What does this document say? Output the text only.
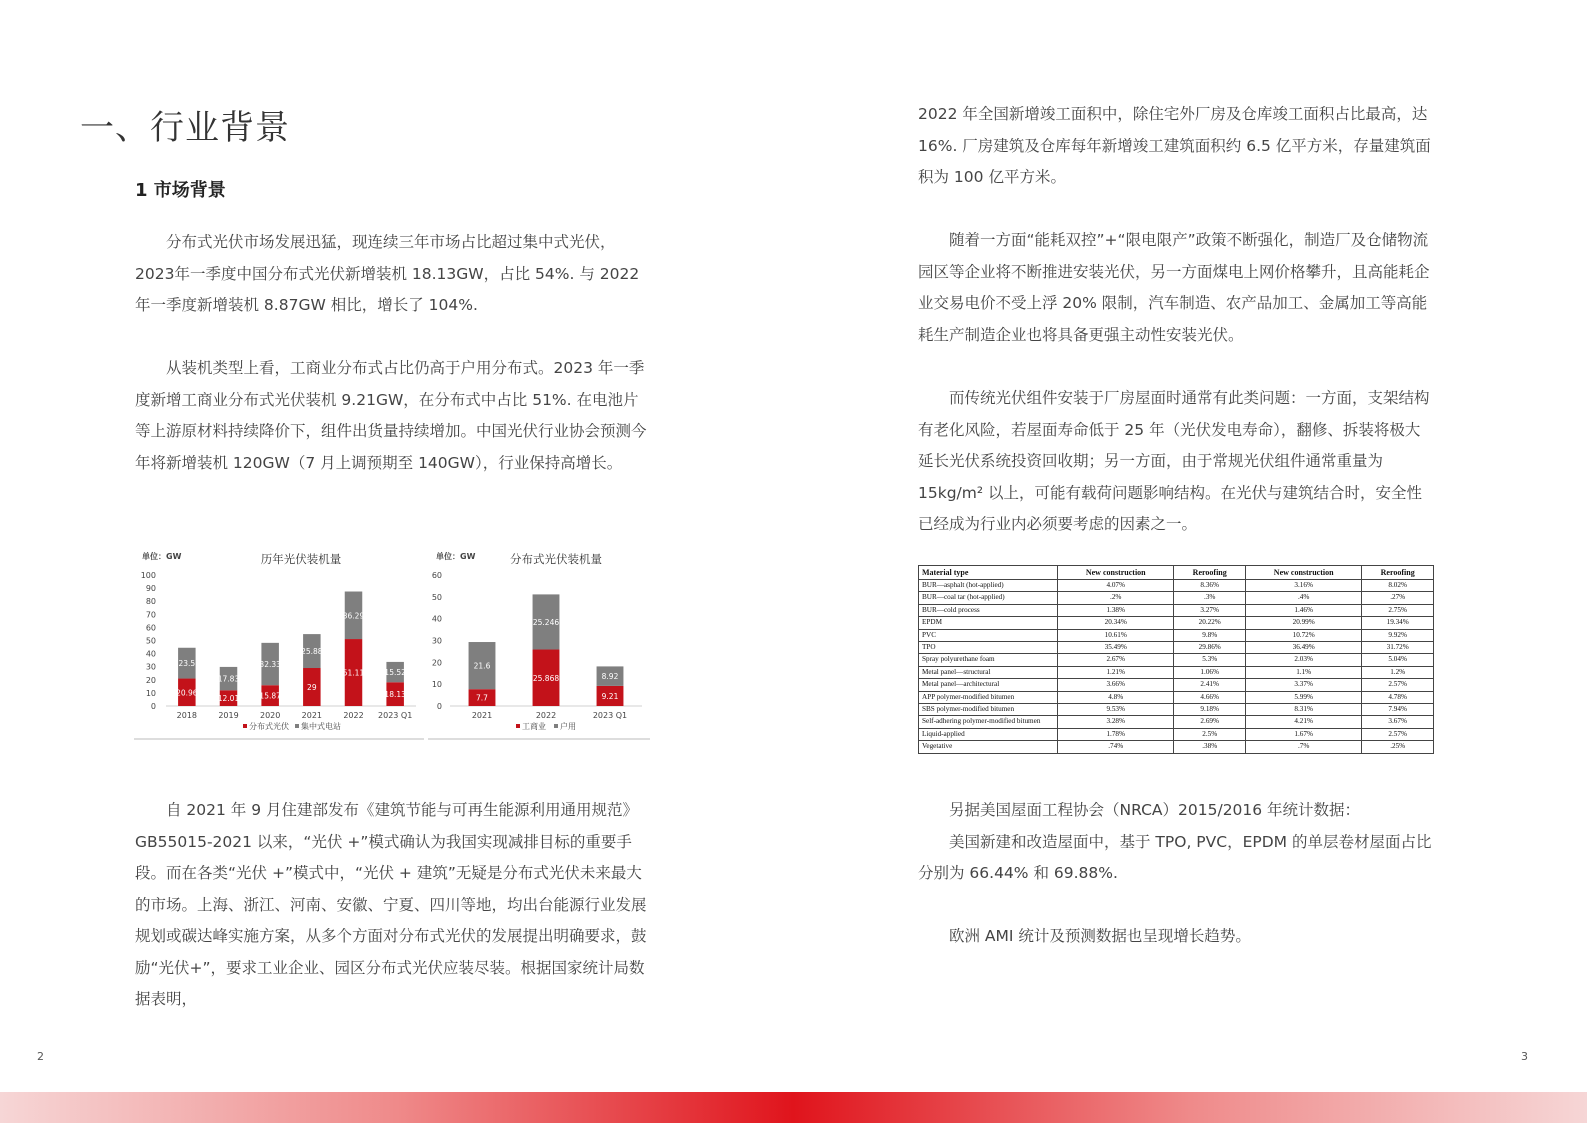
一、行业背景
1 市场背景

分布式光伏市场发展迅猛，现连续三年市场占比超过集中式光伏，2023年一季度中国分布式光伏新增装机 18.13GW，占比 54%. 与 2022年一季度新增装机 8.87GW 相比，增长了 104%.

从装机类型上看，工商业分布式占比仍高于户用分布式。2023 年一季度新增工商业分布式光伏装机 9.21GW，在分布式中占比 51%. 在电池片等上游原材料持续降价下，组件出货量持续增加。中国光伏行业协会预测今年将新增装机 120GW（7 月上调预期至 140GW），行业保持高增长。

单位：GW	历年光伏装机量
0
10
20
30
40
50
60
70
80
90
100
20.96
23.5
2018
12.01
17.83
2019
15.87
32.33
2020
29
25.88
2021
51.11
36.29
2022
18.13
15.52
2023 Q1
分布式光伏 集中式电站
单位：GW	分布式光伏装机量
0
10
20
30
40
50
60
7.7
21.6
2021
25.868
25.246
2022
9.21
8.92
2023 Q1
工商业 户用

自 2021 年 9 月住建部发布《建筑节能与可再生能源利用通用规范》GB55015-2021 以来，“光伏 +”模式确认为我国实现减排目标的重要手段。而在各类“光伏 +”模式中，“光伏 + 建筑”无疑是分布式光伏未来最大的市场。上海、浙江、河南、安徽、宁夏、四川等地，均出台能源行业发展规划或碳达峰实施方案，从多个方面对分布式光伏的发展提出明确要求，鼓励“光伏+”，要求工业企业、园区分布式光伏应装尽装。根据国家统计局数据表明，

2

2022 年全国新增竣工面积中，除住宅外厂房及仓库竣工面积占比最高，达 16%. 厂房建筑及仓库每年新增竣工建筑面积约 6.5 亿平方米，存量建筑面积为 100 亿平方米。

随着一方面“能耗双控”+“限电限产”政策不断强化，制造厂及仓储物流园区等企业将不断推进安装光伏，另一方面煤电上网价格攀升，且高能耗企业交易电价不受上浮 20% 限制，汽车制造、农产品加工、金属加工等高能耗生产制造企业也将具备更强主动性安装光伏。

而传统光伏组件安装于厂房屋面时通常有此类问题：一方面，支架结构有老化风险，若屋面寿命低于 25 年（光伏发电寿命），翻修、拆装将极大延长光伏系统投资回收期；另一方面，由于常规光伏组件通常重量为15kg/m² 以上，可能有载荷问题影响结构。在光伏与建筑结合时，安全性已经成为行业内必须要考虑的因素之一。

Material type	New construction	Reroofing	New construction	Reroofing
BUR—asphalt (hot-applied)	4.07%	8.36%	3.16%	8.02%
BUR—coal tar (hot-applied)	.2%	.3%	.4%	.27%
BUR—cold process	1.38%	3.27%	1.46%	2.75%
EPDM	20.34%	20.22%	20.99%	19.34%
PVC	10.61%	9.8%	10.72%	9.92%
TPO	35.49%	29.86%	36.49%	31.72%
Spray polyurethane foam	2.67%	5.3%	2.03%	5.04%
Metal panel—structural	1.21%	1.06%	1.1%	1.2%
Metal panel—architectural	3.66%	2.41%	3.37%	2.57%
APP polymer-modified bitumen	4.8%	4.66%	5.99%	4.78%
SBS polymer-modified bitumen	9.53%	9.18%	8.31%	7.94%
Self-adhering polymer-modified bitumen	3.28%	2.69%	4.21%	3.67%
Liquid-applied	1.78%	2.5%	1.67%	2.57%
Vegetative	.74%	.38%	.7%	.25%

另据美国屋面工程协会（NRCA）2015/2016 年统计数据：

美国新建和改造屋面中，基于 TPO, PVC，EPDM 的单层卷材屋面占比分别为 66.44% 和 69.88%.

欧洲 AMI 统计及预测数据也呈现增长趋势。

3
